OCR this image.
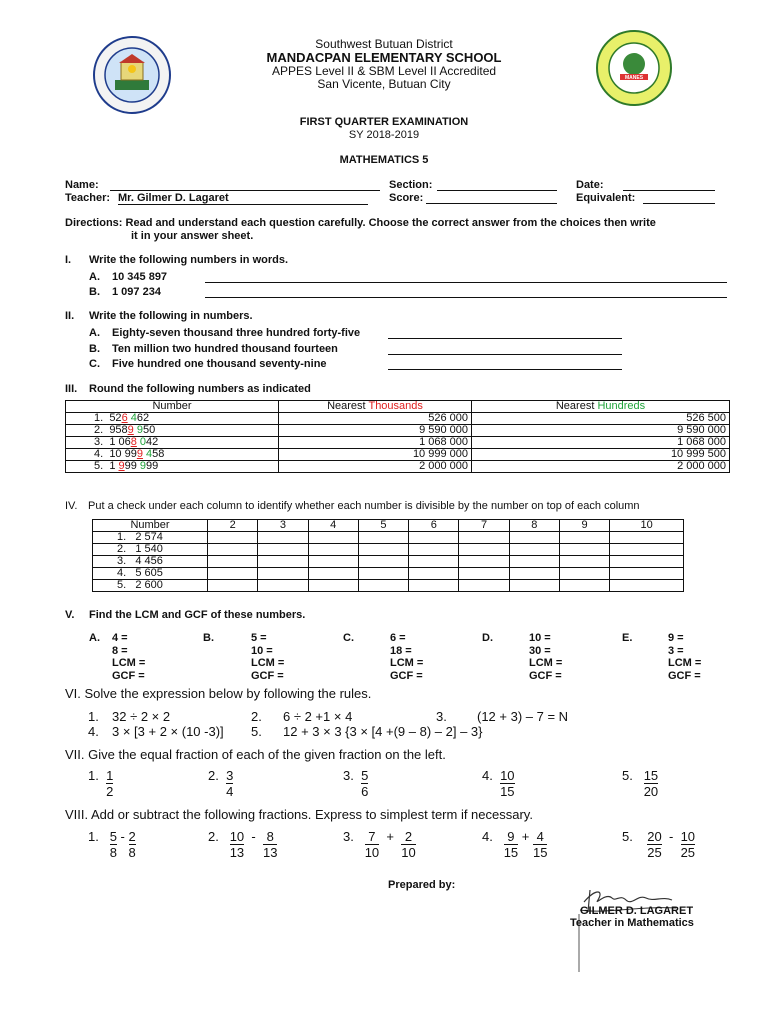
MANES
Southwest Butuan District
MANDACPAN ELEMENTARY SCHOOL
APPES Level II & SBM Level II Accredited
San Vicente, Butuan City
FIRST QUARTER EXAMINATION
SY 2018-2019
MATHEMATICS 5
Name:	Section:	Date:
Teacher: Mr. Gilmer D. Lagaret	Score:	Equivalent:
Directions: Read and understand each question carefully. Choose the correct answer from the choices then write
it in your answer sheet.
I. Write the following numbers in words.
A. 10 345 897
B. 1 097 234
II. Write the following in numbers.
A. Eighty-seven thousand three hundred forty-five
B. Ten million two hundred thousand fourteen
C. Five hundred one thousand seventy-nine
III. Round the following numbers as indicated
Number	Nearest Thousands	Nearest Hundreds
1. 526 462	526 000	526 500
2. 9589 950	9 590 000	9 590 000
3. 1 068 042	1 068 000	1 068 000
4. 10 999 458	10 999 000	10 999 500
5. 1 999 999	2 000 000	2 000 000
IV. Put a check under each column to identify whether each number is divisible by the number on top of each column
Number	2	3	4	5	6	7	8	9	10
1. 2 574									
2. 1 540									
3. 4 456									
4. 5 605									
5. 2 600									
V. Find the LCM and GCF of these numbers.
A. 4 =
8 =
LCM =
GCF =
B.	5 =
10 =
LCM =
GCF =
C.	6 =
18 =
LCM =
GCF =
D.	10 =
30 =
LCM =
GCF =
E.	9 =
3 =
LCM =
GCF =
VI. Solve the expression below by following the rules.
1. 32 ÷ 2 × 2	2. 6 ÷ 2 +1 × 4	3. (12 + 3) – 7 = N
4. 3 × [3 + 2 × (10 -3)] 5. 12 + 3 × 3 {3 × [4 +(9 – 8) – 2] – 3}
VII. Give the equal fraction of each of the given fraction on the left.
1. $\frac{1}{2}$	2. $\frac{3}{4}$	3. $\frac{5}{6}$	4. $\frac{10}{15}$	5. $\frac{15}{20}$
VIII. Add or subtract the following fractions. Express to simplest term if necessary.
1. $\frac{5}{8} - \frac{2}{8}$	2. $\frac{10}{13} - \frac{8}{13}$	3. $\frac{7}{10} + \frac{2}{10}$	4. $\frac{9}{15} + \frac{4}{15}$	5. $\frac{20}{25} - \frac{10}{25}$
Prepared by:
GILMER D. LAGARET
Teacher in Mathematics
